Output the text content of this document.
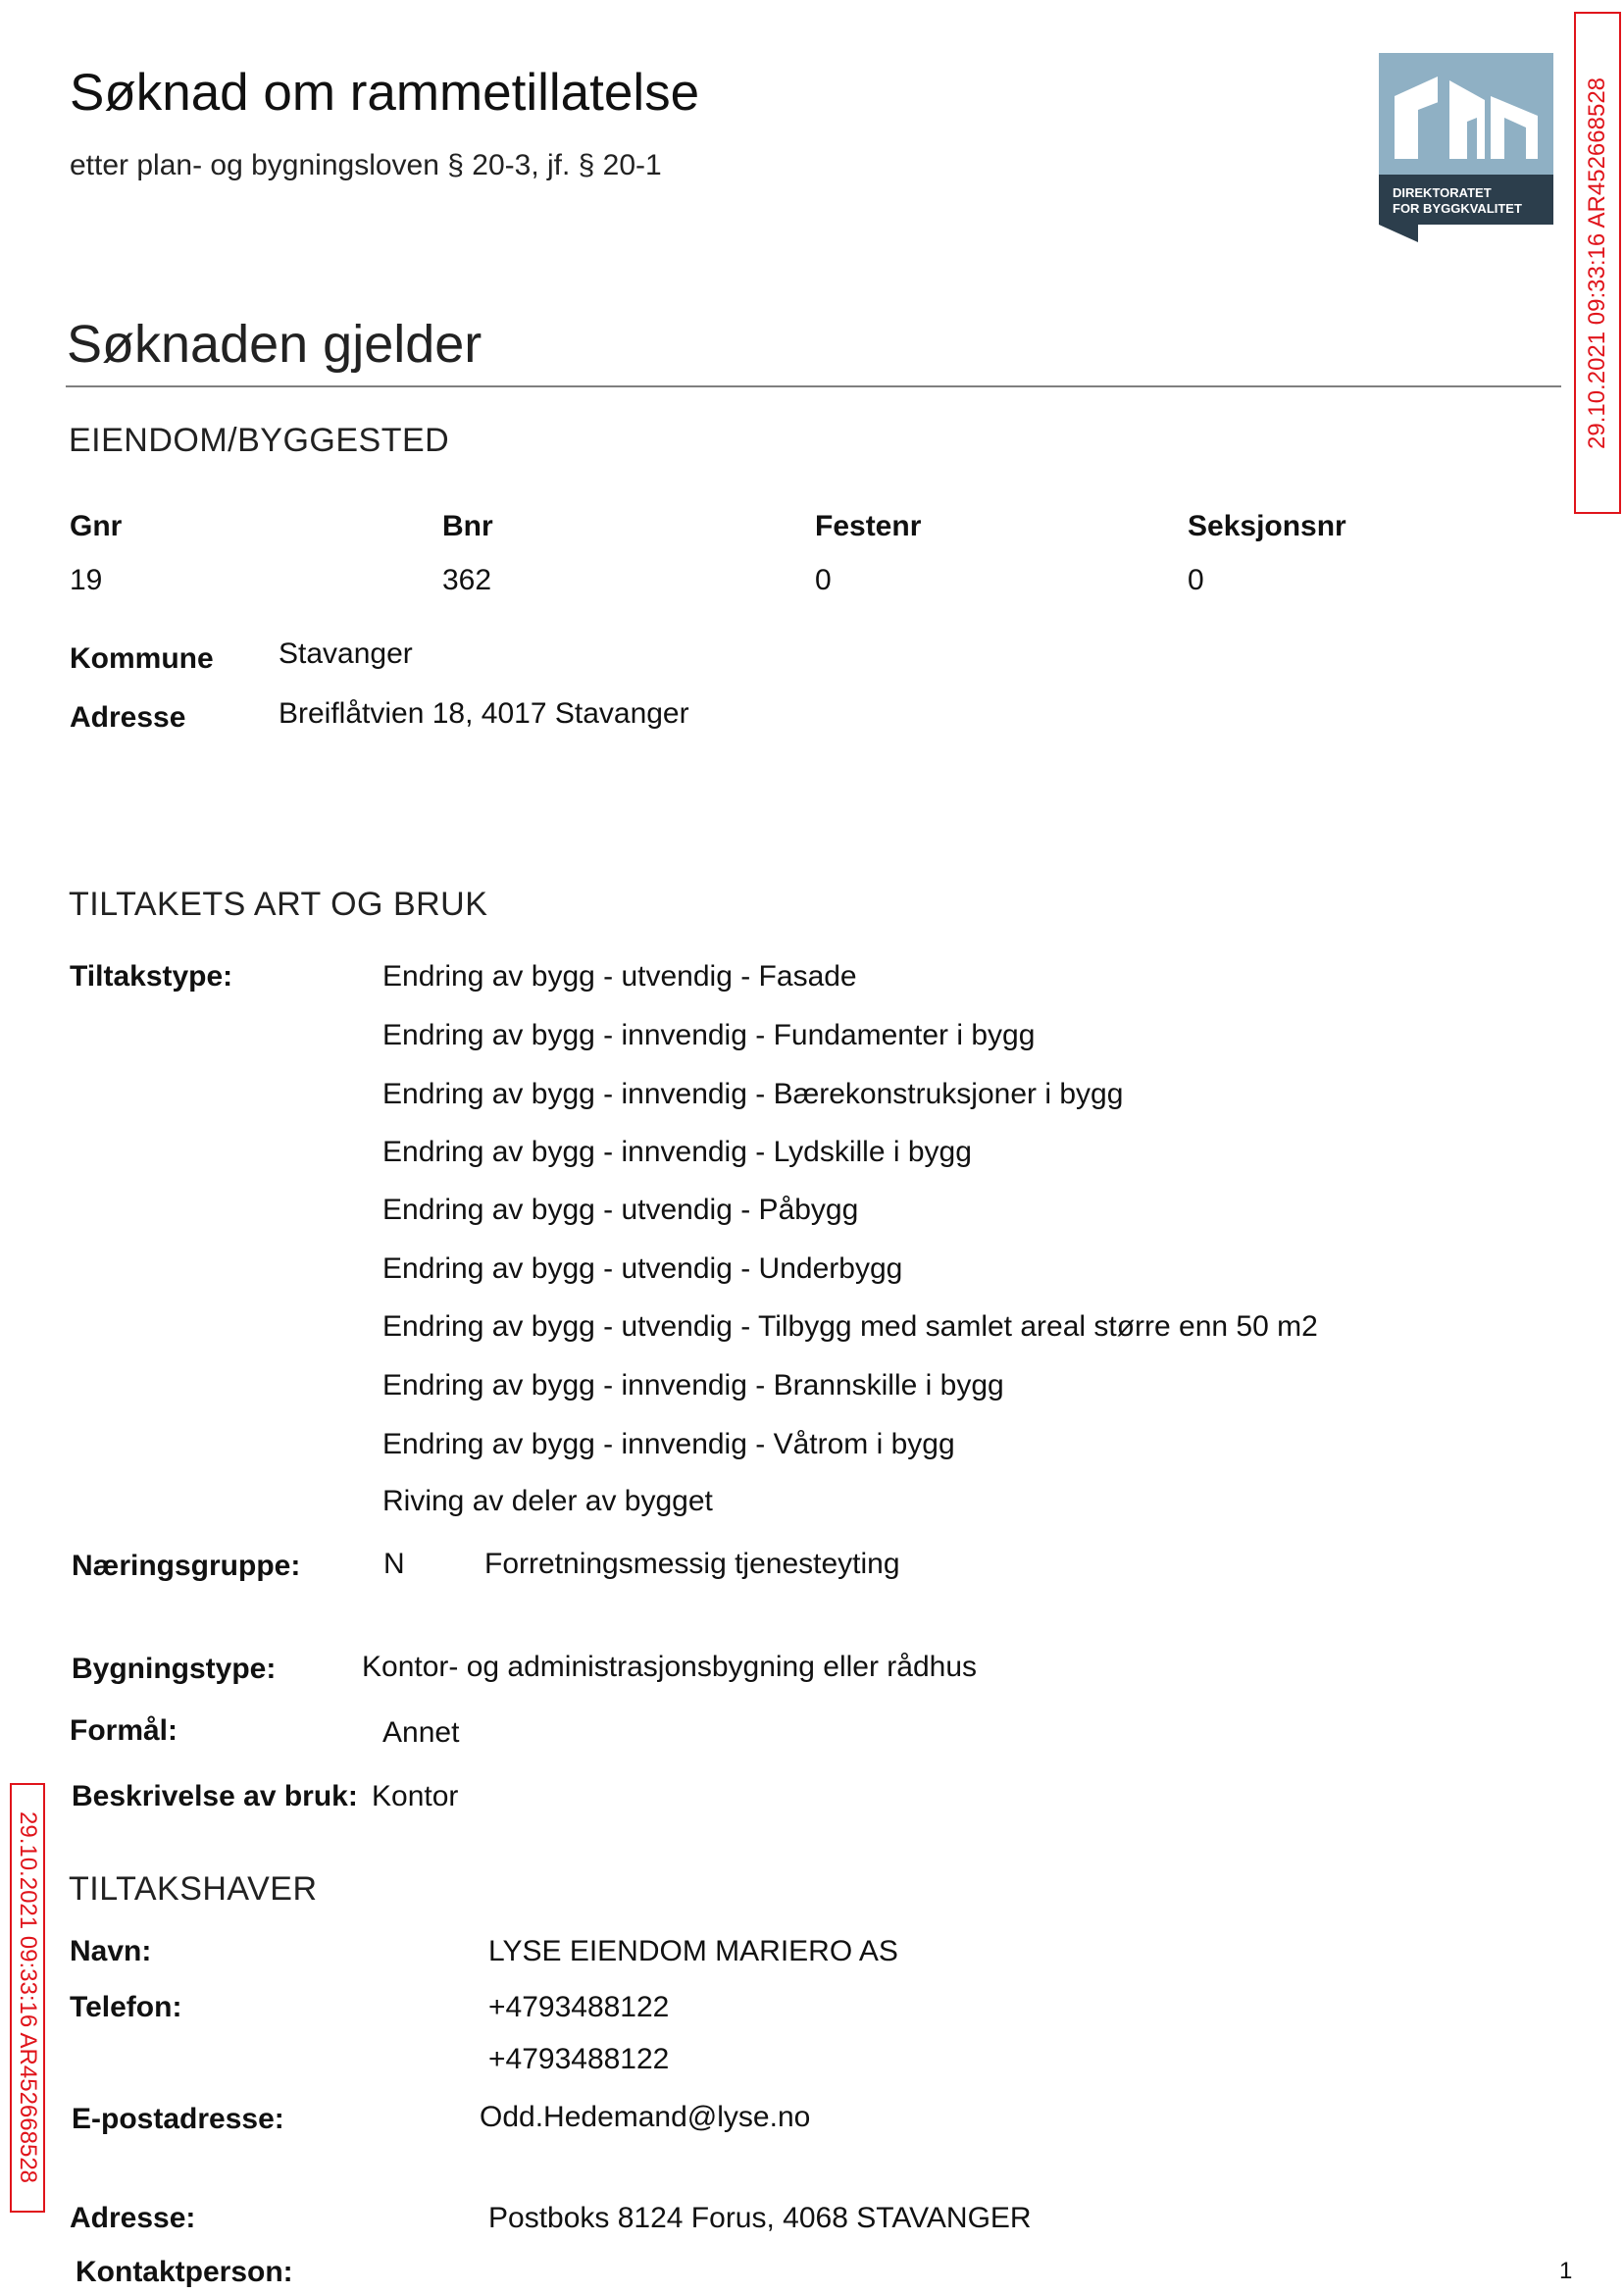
Søknad om rammetillatelse
etter plan- og bygningsloven § 20-3, jf. § 20-1
DIREKTORATET
FOR BYGGKVALITET	29.10.2021 09:33:16 AR452668528
29.10.2021 09:33:16 AR452668528
Søknaden gjelder
EIENDOM/BYGGESTED
Gnr	Bnr	Festenr	Seksjonsnr
19	362	0	0
Kommune Stavanger
Adresse	Breiflåtvien 18, 4017 Stavanger
TILTAKETS ART OG BRUK
Tiltakstype:	Endring av bygg - utvendig - Fasade
Endring av bygg - innvendig - Fundamenter i bygg
Endring av bygg - innvendig - Bærekonstruksjoner i bygg
Endring av bygg - innvendig - Lydskille i bygg
Endring av bygg - utvendig - Påbygg
Endring av bygg - utvendig - Underbygg
Endring av bygg - utvendig - Tilbygg med samlet areal større enn 50 m2
Endring av bygg - innvendig - Brannskille i bygg
Endring av bygg - innvendig - Våtrom i bygg
Riving av deler av bygget
Næringsgruppe:	N	Forretningsmessig tjenesteyting
Bygningstype:	Kontor- og administrasjonsbygning eller rådhus
Formål:	Annet
Beskrivelse av bruk: Kontor
TILTAKSHAVER
Navn:	LYSE EIENDOM MARIERO AS
Telefon:	+4793488122
+4793488122
E-postadresse:	Odd.Hedemand@lyse.no
Adresse:	Postboks 8124 Forus, 4068 STAVANGER
Kontaktperson:	1
